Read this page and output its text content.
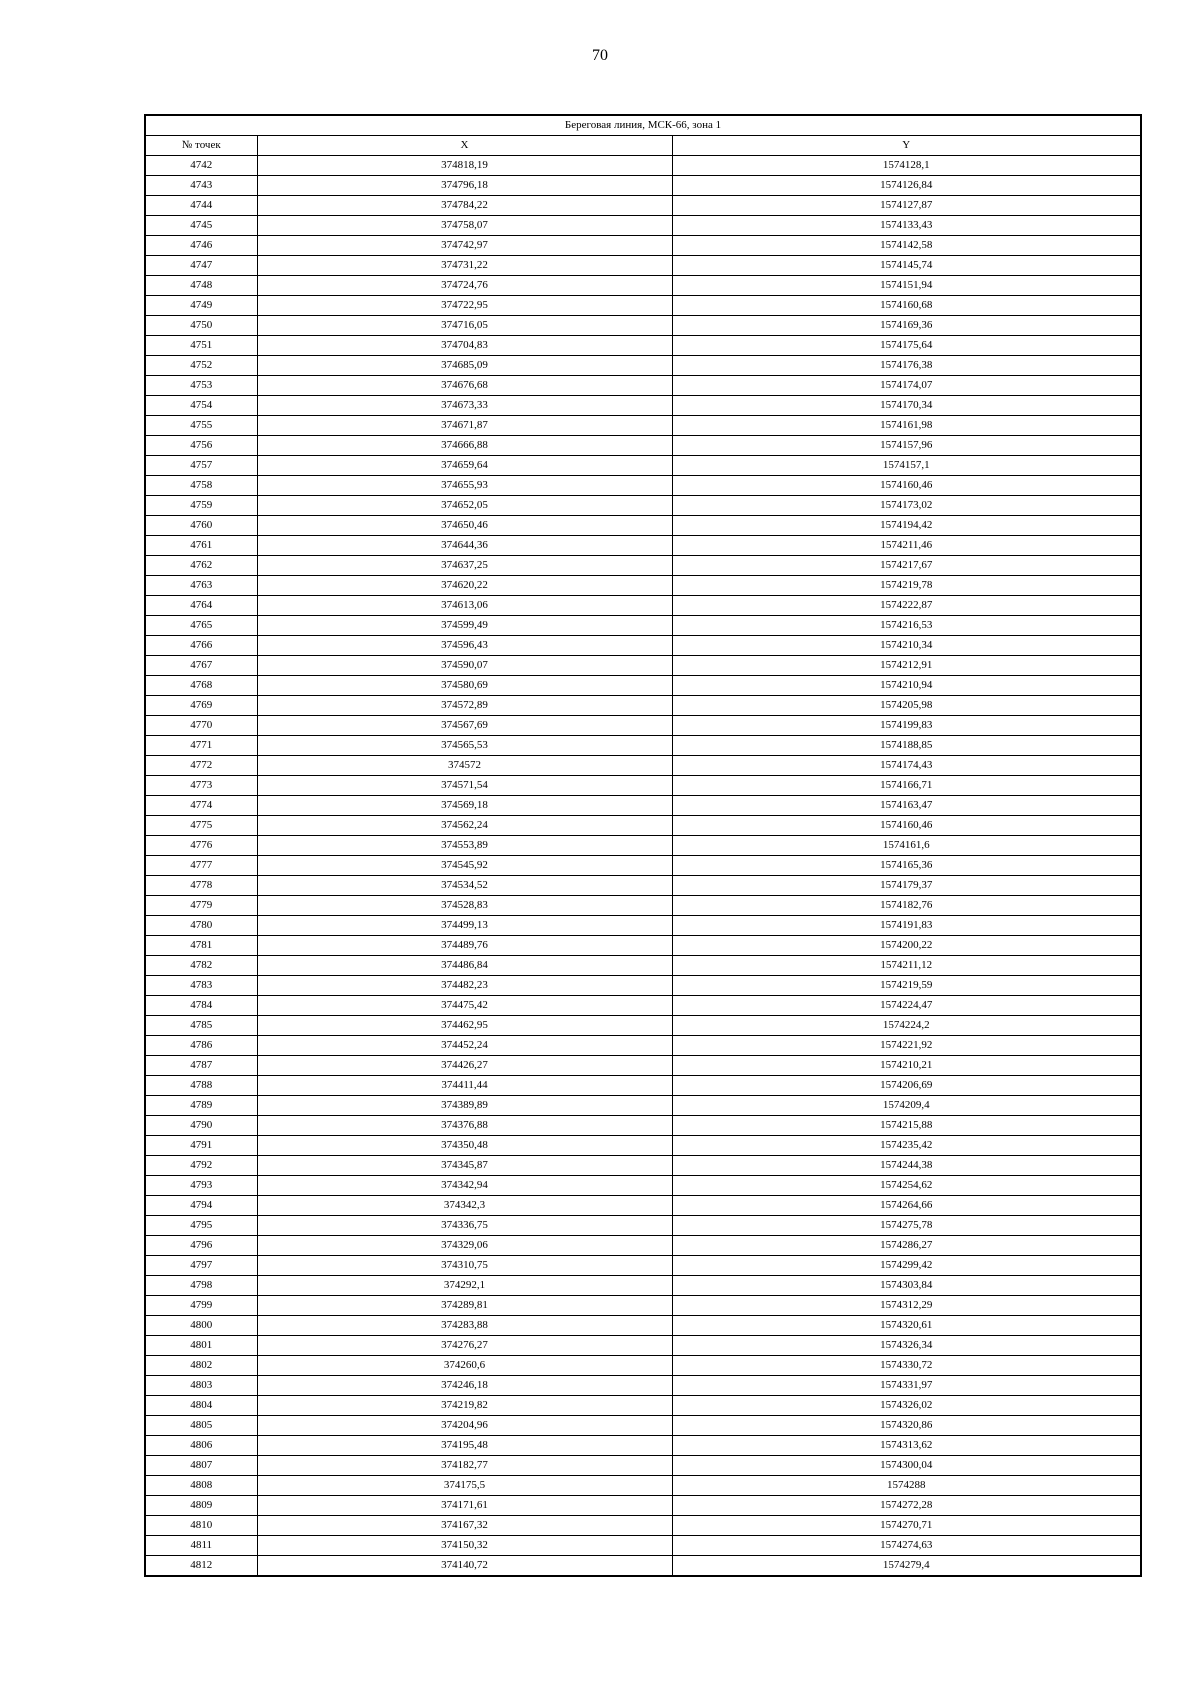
70
Береговая линия, МСК-66, зона 1		
№ точек	X	Y
4742	374818,19	1574128,1
4743	374796,18	1574126,84
4744	374784,22	1574127,87
4745	374758,07	1574133,43
4746	374742,97	1574142,58
4747	374731,22	1574145,74
4748	374724,76	1574151,94
4749	374722,95	1574160,68
4750	374716,05	1574169,36
4751	374704,83	1574175,64
4752	374685,09	1574176,38
4753	374676,68	1574174,07
4754	374673,33	1574170,34
4755	374671,87	1574161,98
4756	374666,88	1574157,96
4757	374659,64	1574157,1
4758	374655,93	1574160,46
4759	374652,05	1574173,02
4760	374650,46	1574194,42
4761	374644,36	1574211,46
4762	374637,25	1574217,67
4763	374620,22	1574219,78
4764	374613,06	1574222,87
4765	374599,49	1574216,53
4766	374596,43	1574210,34
4767	374590,07	1574212,91
4768	374580,69	1574210,94
4769	374572,89	1574205,98
4770	374567,69	1574199,83
4771	374565,53	1574188,85
4772	374572	1574174,43
4773	374571,54	1574166,71
4774	374569,18	1574163,47
4775	374562,24	1574160,46
4776	374553,89	1574161,6
4777	374545,92	1574165,36
4778	374534,52	1574179,37
4779	374528,83	1574182,76
4780	374499,13	1574191,83
4781	374489,76	1574200,22
4782	374486,84	1574211,12
4783	374482,23	1574219,59
4784	374475,42	1574224,47
4785	374462,95	1574224,2
4786	374452,24	1574221,92
4787	374426,27	1574210,21
4788	374411,44	1574206,69
4789	374389,89	1574209,4
4790	374376,88	1574215,88
4791	374350,48	1574235,42
4792	374345,87	1574244,38
4793	374342,94	1574254,62
4794	374342,3	1574264,66
4795	374336,75	1574275,78
4796	374329,06	1574286,27
4797	374310,75	1574299,42
4798	374292,1	1574303,84
4799	374289,81	1574312,29
4800	374283,88	1574320,61
4801	374276,27	1574326,34
4802	374260,6	1574330,72
4803	374246,18	1574331,97
4804	374219,82	1574326,02
4805	374204,96	1574320,86
4806	374195,48	1574313,62
4807	374182,77	1574300,04
4808	374175,5	1574288
4809	374171,61	1574272,28
4810	374167,32	1574270,71
4811	374150,32	1574274,63
4812	374140,72	1574279,4
